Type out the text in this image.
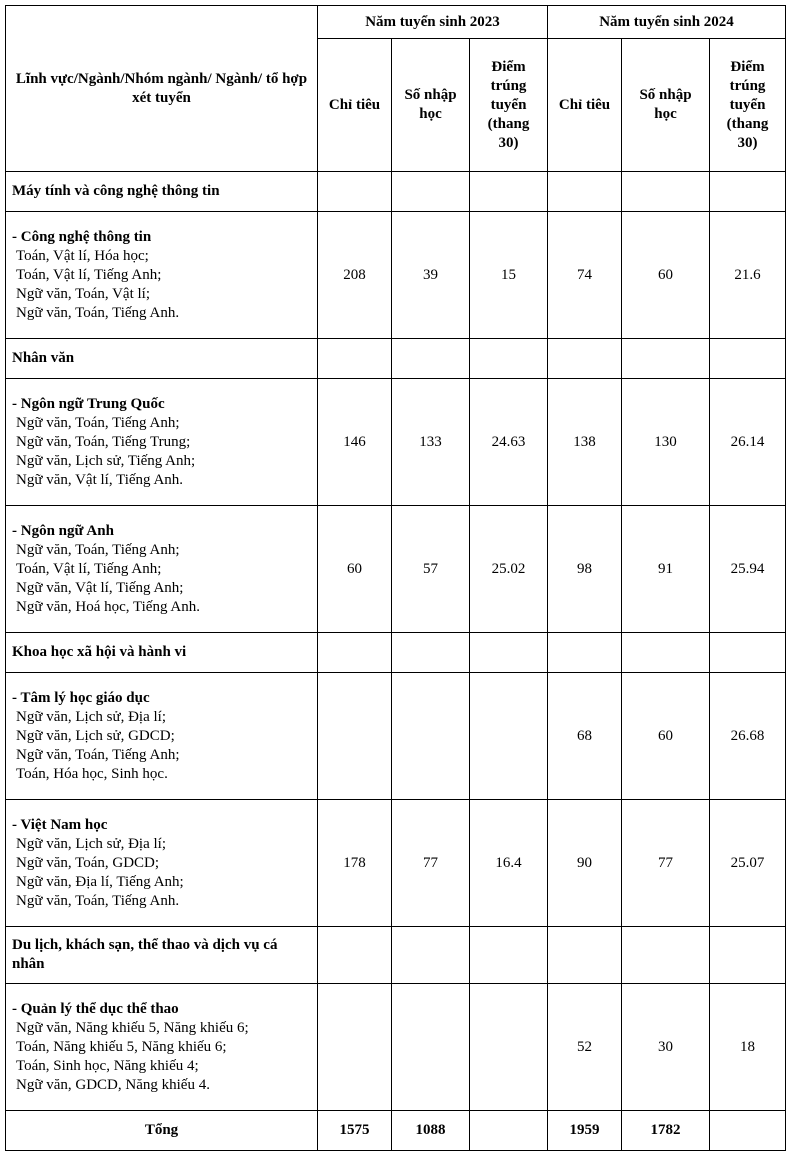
Lĩnh vực/Ngành/Nhóm ngành/ Ngành/ tổ hợp xét tuyển	Năm tuyển sinh 2023			Năm tuyển sinh 2024		
	Chỉ tiêu	Số nhập học	Điểm trúng tuyển (thang 30)	Chỉ tiêu	Số nhập học	Điểm trúng tuyển (thang 30)
Máy tính và công nghệ thông tin						

- Công nghệ thông tin
Toán, Vật lí, Hóa học;
Toán, Vật lí, Tiếng Anh;
Ngữ văn, Toán, Vật lí;
Ngữ văn, Toán, Tiếng Anh.	208	39	15	74	60	21.6
Nhân văn						

- Ngôn ngữ Trung Quốc
Ngữ văn, Toán, Tiếng Anh;
Ngữ văn, Toán, Tiếng Trung;
Ngữ văn, Lịch sử, Tiếng Anh;
Ngữ văn, Vật lí, Tiếng Anh.	146	133	24.63	138	130	26.14

- Ngôn ngữ Anh
Ngữ văn, Toán, Tiếng Anh;
Toán, Vật lí, Tiếng Anh;
Ngữ văn, Vật lí, Tiếng Anh;
Ngữ văn, Hoá học, Tiếng Anh.	60	57	25.02	98	91	25.94
Khoa học xã hội và hành vi						

- Tâm lý học giáo dục
Ngữ văn, Lịch sử, Địa lí;
Ngữ văn, Lịch sử, GDCD;
Ngữ văn, Toán, Tiếng Anh;
Toán, Hóa học, Sinh học.				68	60	26.68

- Việt Nam học
Ngữ văn, Lịch sử, Địa lí;
Ngữ văn, Toán, GDCD;
Ngữ văn, Địa lí, Tiếng Anh;
Ngữ văn, Toán, Tiếng Anh.	178	77	16.4	90	77	25.07
Du lịch, khách sạn, thể thao và dịch vụ cá nhân						

- Quản lý thể dục thể thao
Ngữ văn, Năng khiếu 5, Năng khiếu 6;
Toán, Năng khiếu 5, Năng khiếu 6;
Toán, Sinh học, Năng khiếu 4;
Ngữ văn, GDCD, Năng khiếu 4.				52	30	18
Tổng	1575	1088		1959	1782	
